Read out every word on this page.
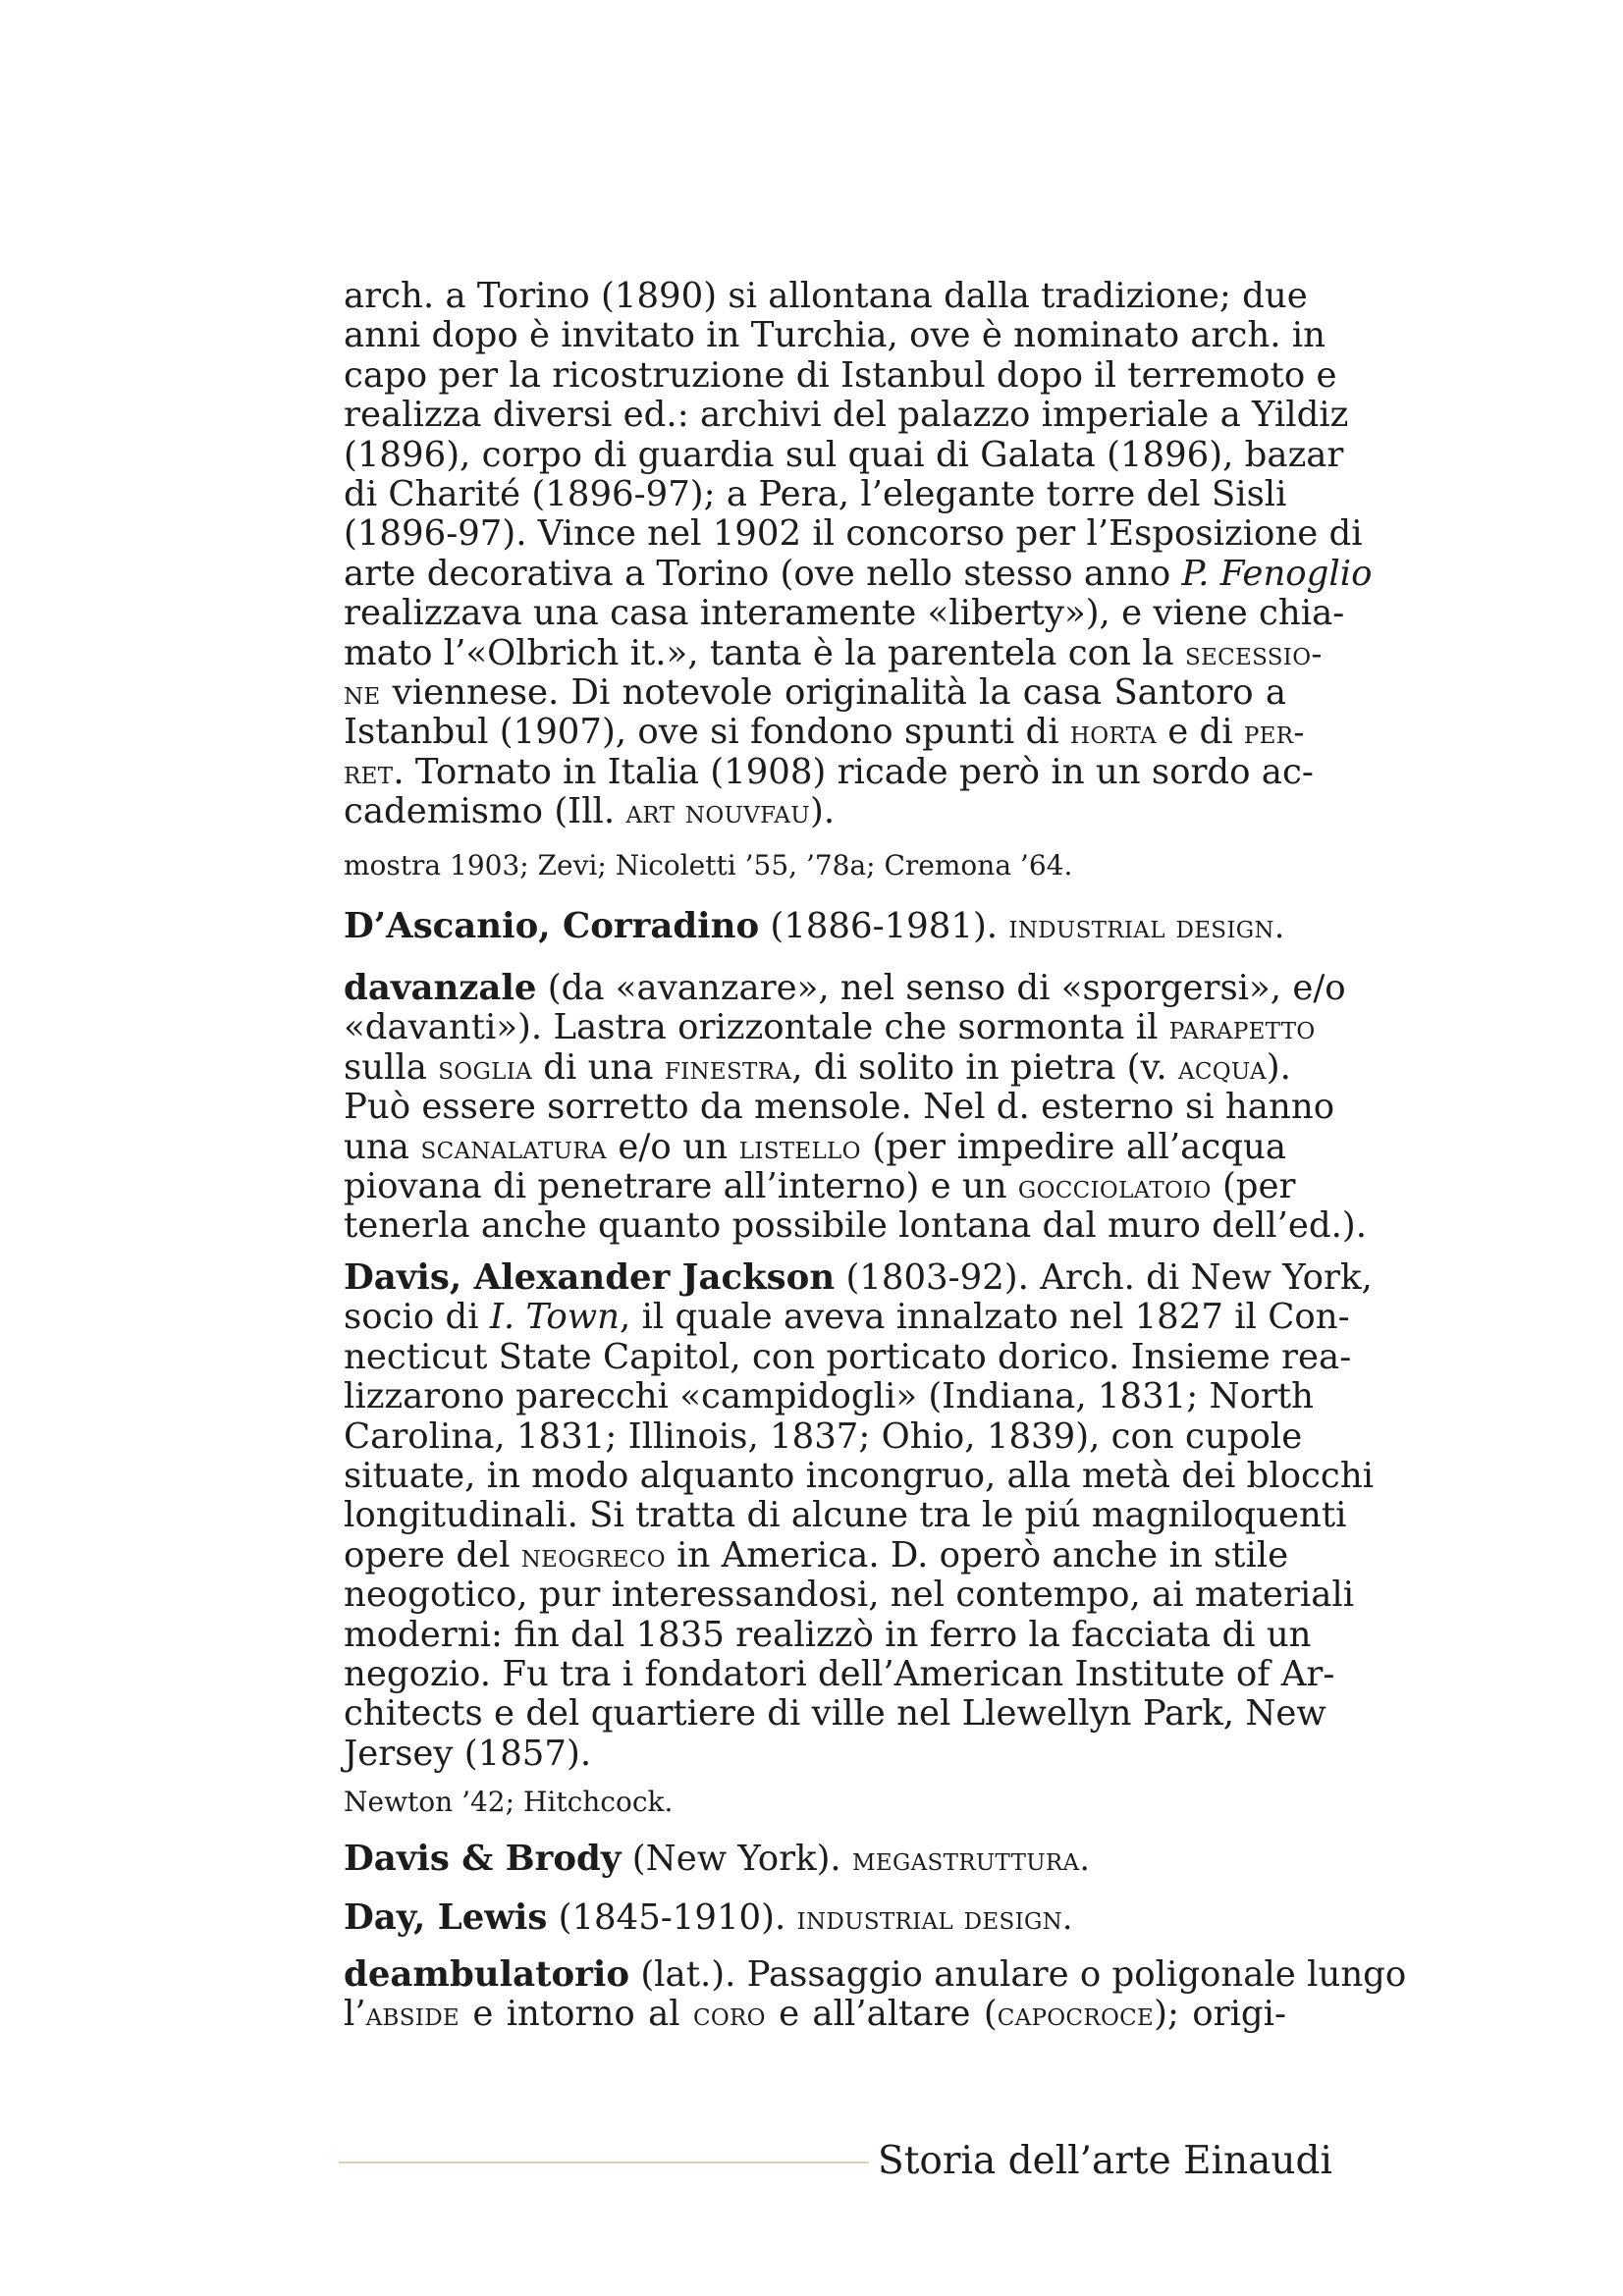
arch. a Torino (1890) si allontana dalla tradizione; due
anni dopo è invitato in Turchia, ove è nominato arch. in
capo per la ricostruzione di Istanbul dopo il terremoto e
realizza diversi ed.: archivi del palazzo imperiale a Yildiz
(1896), corpo di guardia sul quai di Galata (1896), bazar
di Charité (1896-97); a Pera, l’elegante torre del Sisli
(1896-97). Vince nel 1902 il concorso per l’Esposizione di
arte decorativa a Torino (ove nello stesso anno P. Fenoglio
realizzava una casa interamente «liberty»), e viene chia-
mato l’«Olbrich it.», tanta è la parentela con la secessio-
ne viennese. Di notevole originalità la casa Santoro a
Istanbul (1907), ove si fondono spunti di horta e di per-
ret. Tornato in Italia (1908) ricade però in un sordo ac-
cademismo (Ill. art nouvfau).
mostra 1903; Zevi; Nicoletti ’55, ’78a; Cremona ’64.
D’Ascanio, Corradino (1886-1981). industrial design.
davanzale (da «avanzare», nel senso di «sporgersi», e/o
«davanti»). Lastra orizzontale che sormonta il parapetto
sulla soglia di una finestra, di solito in pietra (v. acqua).
Può essere sorretto da mensole. Nel d. esterno si hanno
una scanalatura e/o un listello (per impedire all’acqua
piovana di penetrare all’interno) e un gocciolatoio (per
tenerla anche quanto possibile lontana dal muro dell’ed.).
Davis, Alexander Jackson (1803-92). Arch. di New York,
socio di I. Town, il quale aveva innalzato nel 1827 il Con-
necticut State Capitol, con porticato dorico. Insieme rea-
lizzarono parecchi «campidogli» (Indiana, 1831; North
Carolina, 1831; Illinois, 1837; Ohio, 1839), con cupole
situate, in modo alquanto incongruo, alla metà dei blocchi
longitudinali. Si tratta di alcune tra le piú magniloquenti
opere del neogreco in America. D. operò anche in stile
neogotico, pur interessandosi, nel contempo, ai materiali
moderni: fin dal 1835 realizzò in ferro la facciata di un
negozio. Fu tra i fondatori dell’American Institute of Ar-
chitects e del quartiere di ville nel Llewellyn Park, New
Jersey (1857).
Newton ’42; Hitchcock.
Davis & Brody (New York). megastruttura.
Day, Lewis (1845-1910). industrial design.
deambulatorio (lat.). Passaggio anulare o poligonale lungo
l’abside e intorno al coro e all’altare (capocroce); origi-
Storia dell’arte Einaudi
